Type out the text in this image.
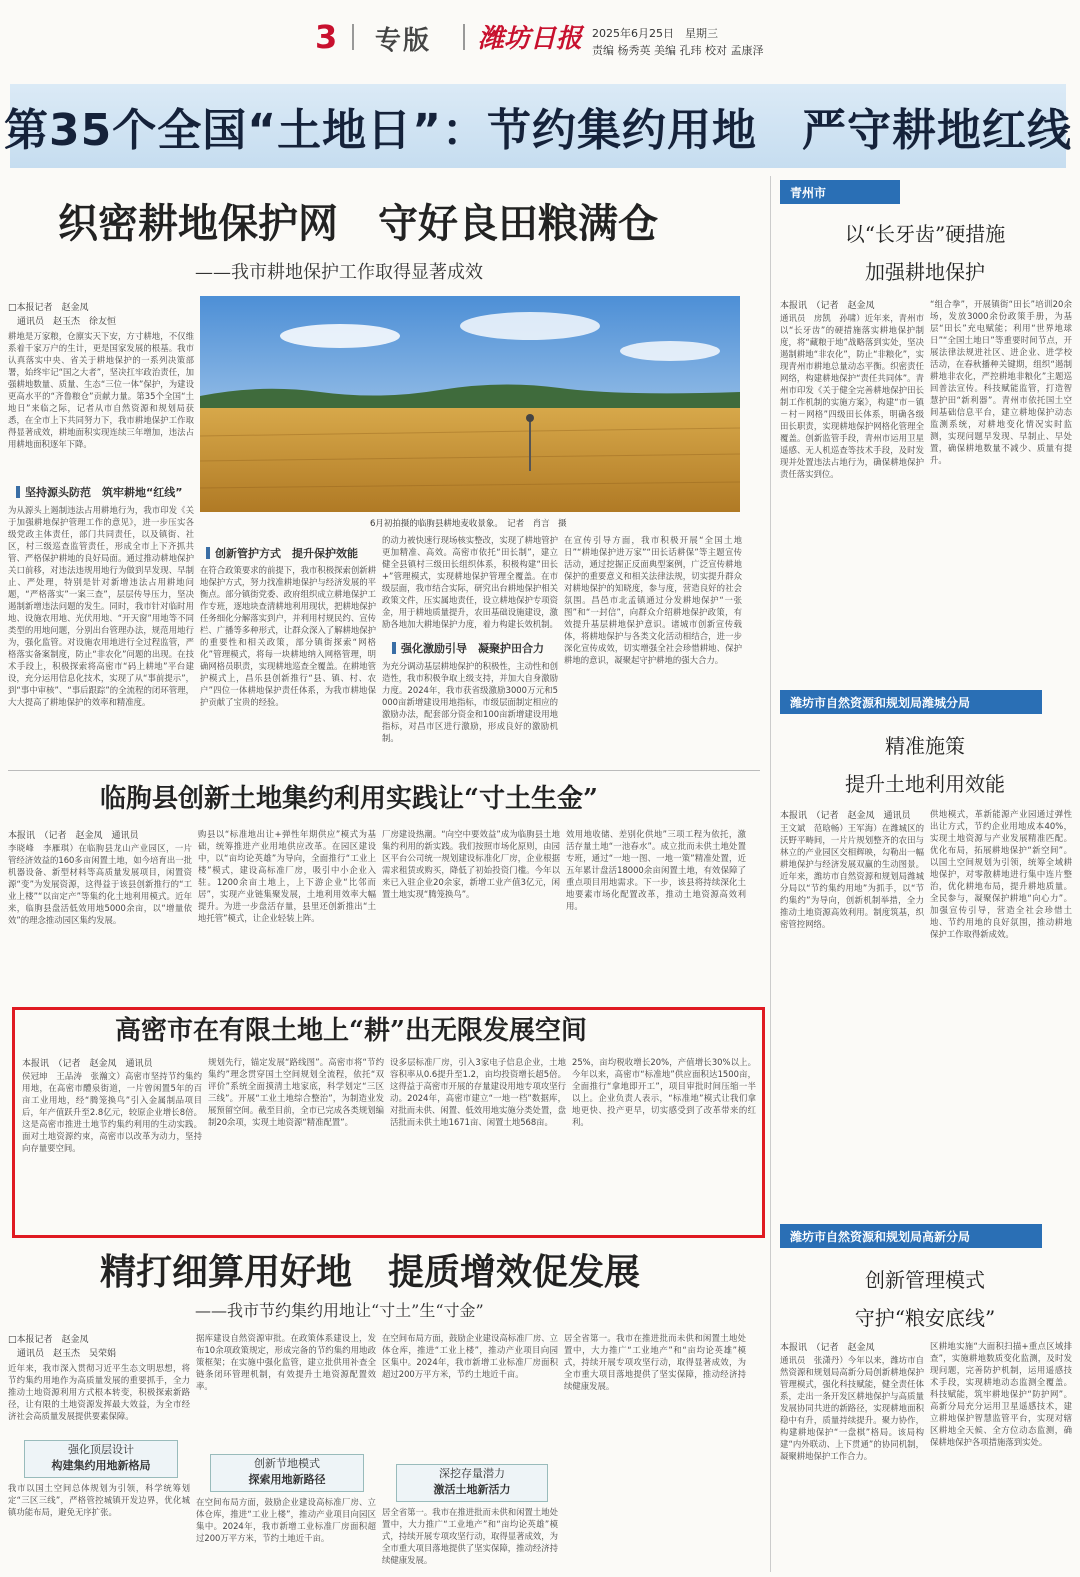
3 专版 潍坊日报 2025年6月25日　星期三
责编 杨秀英 美编 孔玮 校对 孟康泽
第35个全国“土地日”：节约集约用地　严守耕地红线
织密耕地保护网　守好良田粮满仓
——我市耕地保护工作取得显著成效
□本报记者　赵金凤
　通讯员　赵玉杰　徐友恒
耕地是万家粮，仓廪实天下安，方寸耕地，不仅维系着千家万户的生计，更是国家发展的根基。我市认真落实中央、省关于耕地保护的一系列决策部署，始终牢记“国之大者”，坚决扛牢政治责任，加强耕地数量、质量、生态“三位一体”保护，为建设更高水平的“齐鲁粮仓”贡献力量。第35个全国“土地日”来临之际，记者从市自然资源和规划局获悉，在全市上下共同努力下，我市耕地保护工作取得显著成效，耕地面积实现连续三年增加，违法占用耕地面积逐年下降。
坚持源头防范　筑牢耕地“红线”
为从源头上遏制违法占用耕地行为，我市印发《关于加强耕地保护管理工作的意见》，进一步压实各级党政主体责任，部门共同责任，以及镇街、社区，村三级巡查监管责任，形成全市上下齐抓共管、严格保护耕地的良好局面。通过推动耕地保护关口前移，对违法违规用地行为做到早发现、早制止、严处理，特别是针对新增违法占用耕地问题，“严格落实”一案三查”，层层传导压力，坚决遏制新增违法问题的发生。同时，我市针对临时用地、设施农用地、光伏用地、“开天窗”用地等不同类型的用地问题，分别出台管理办法，规范用地行为，强化监管。对设施农用地进行全过程监管，严格落实备案制度，防止“非农化”问题的出现。在技术手段上，积极探索将高密市“码上耕地”平台建设，充分运用信息化技术，实现了从“事前提示”，到“事中审核”、“事后跟踪”的全流程的闭环管理，大大提高了耕地保护的效率和精准度。
6月初拍摄的临朐县耕地麦收景象。　记者　肖言　摄
创新管护方式　提升保护效能
在符合政策要求的前提下，我市积极探索创新耕地保护方式，努力找准耕地保护与经济发展的平衡点。部分镇街党委、政府组织成立耕地保护工作专班，逐地块查清耕地利用现状，把耕地保护任务细化分解落实到户，并利用村规民约、宣传栏、广播等多种形式，让群众深入了解耕地保护的重要性和相关政策，部分镇街探索“网格化”管理模式，将每一块耕地纳入网格管理，明确网格员职责，实现耕地巡查全覆盖。在耕地管护模式上，昌乐县创新推行“县、镇、村、农户”四位一体耕地保护责任体系，为我市耕地保护贡献了宝贵的经验。
的动力被快速行现场核实整改，实现了耕地管护更加精准、高效。高密市依托“田长制”，建立健全县镇村三级田长组织体系，积极构建“田长+”管理模式，实现耕地保护管理全覆盖。在市级层面，我市结合实际，研究出台耕地保护相关政策文件，压实属地责任，设立耕地保护专项资金，用于耕地质量提升，农田基础设施建设，激励各地加大耕地保护力度，着力构建长效机制。
强化激励引导　凝聚护田合力
为充分调动基层耕地保护的积极性，主动性和创造性，我市积极争取上级支持，并加大自身激励力度。2024年，我市获省级激励3000万元和5000亩新增建设用地指标，市级层面制定相应的激励办法，配套部分资金和100亩新增建设用地指标，对昌市区进行激励，形成良好的激励机制。
在宣传引导方面，我市积极开展“全国土地日”“耕地保护进万家”“田长话耕保”等主题宣传活动，通过挖掘正反面典型案例，广泛宣传耕地保护的重要意义和相关法律法规，切实提升群众对耕地保护的知晓度，参与度，营造良好的社会氛围。昌邑市北孟镇通过分发耕地保护“一张图”和“一封信”，向群众介绍耕地保护政策，有效提升基层耕地保护意识。诸城市创新宣传载体，将耕地保护与各类文化活动相结合，进一步深化宣传成效，切实增强全社会珍惜耕地、保护耕地的意识，凝聚起守护耕地的强大合力。
临朐县创新土地集约利用实践让“寸土生金”
本报讯　（记者　赵金凤　通讯员
李晓峰　李雁琪）在临朐县龙山产业园区，一片管经济效益的160多亩闲置土地，如今培育出一批机器设备、新型材料等高质量发展项目，闲置资源“变”为发展资源，这得益于该县创新推行的“工业上楼”“以亩定产”等集约化土地利用模式。近年来，临朐县盘活低效用地5000余亩，以“增量依效”的理念推动园区集约发展。
购县以“标准地出让+弹性年期供应”模式为基础，统筹推进产业用地供应改革。在园区建设中，以“亩均论英雄”为导向，全面推行“工业上楼”模式，建设高标准厂房，吸引中小企业入驻。1200余亩土地上，上下游企业“比邻而居”，实现产业链集聚发展，土地利用效率大幅提升。为进一步盘活存量，县里还创新推出“土地托管”模式，让企业轻装上阵。
厂房建设热潮。“向空中要效益”成为临朐县土地集约利用的新实践。我们按照市场化原则，由园区平台公司统一规划建设标准化厂房，企业根据需求租赁或购买，降低了初始投资门槛。今年以来已入驻企业20余家，新增工业产值3亿元，闲置土地实现“腾笼换鸟”。
效用地收储、差别化供地”三项工程为依托，激活存量土地“一池春水”。成立批而未供土地处置专班，通过“一地一图、一地一策”精准处置，近五年累计盘活18000余亩闲置土地，有效保障了重点项目用地需求。下一步，该县将持续深化土地要素市场化配置改革，推动土地资源高效利用。
高密市在有限土地上“耕”出无限发展空间
本报讯　（记者　赵金凤　通讯员
侯冠坤　王品涛　张瀚文）高密市坚持节约集约用地，在高密市醴泉街道，一片曾闲置5年的百亩工业用地，经“腾笼换鸟”引入金属制品项目后，年产值跃升至2.8亿元，较原企业增长8倍。这是高密市推进土地节约集约利用的生动实践。面对土地资源约束，高密市以改革为动力，坚持向存量要空间。
规划先行，锚定发展“路线图”。高密市将“节约集约”理念贯穿国土空间规划全流程，依托“双评价”系统全面摸清土地家底，科学划定“三区三线”。开展“工业土地综合整治”，为制造业发展预留空间。截至目前，全市已完成各类规划编制20余项，实现土地资源“精准配置”。
设多层标准厂房，引入3家电子信息企业，土地容积率从0.6提升至1.2，亩均投资增长超5倍。这得益于高密市开展的存量建设用地专项攻坚行动。2024年，高密市建立“一地一档”数据库，对批而未供、闲置、低效用地实施分类处置，盘活批而未供土地1671亩、闲置土地568亩。
25%，亩均税收增长20%，产值增长30%以上。今年以来，高密市“标准地”供应面积达1500亩，全面推行“拿地即开工”，项目审批时间压缩一半以上。企业负责人表示，“标准地”模式让我们拿地更快、投产更早，切实感受到了改革带来的红利。
精打细算用好地　提质增效促发展
——我市节约集约用地让“寸土”生“寸金”
□本报记者　赵金凤
　通讯员　赵玉杰　吴荣娟
近年来，我市深入贯彻习近平生态文明思想，将节约集约用地作为高质量发展的重要抓手，全力推动土地资源利用方式根本转变，积极探索新路径，让有限的土地资源发挥最大效益，为全市经济社会高质量发展提供要素保障。
强化顶层设计
构建集约用地新格局
我市以国土空间总体规划为引领，科学统筹划定“三区三线”，严格管控城镇开发边界，优化城镇功能布局，避免无序扩张。
据库建设自然资源审批。在政策体系建设上，发布10余项政策规定，形成完备的节约集约用地政策框架；在实施中强化监管，建立批供用补查全链条闭环管理机制，有效提升土地资源配置效率。
创新节地模式
探索用地新路径
在空间布局方面，鼓励企业建设高标准厂房、立体仓库，推进“工业上楼”，推动产业项目向园区集中。2024年，我市新增工业标准厂房面积超过200万平方米，节约土地近千亩。
在空间布局方面，鼓励企业建设高标准厂房、立体仓库，推进“工业上楼”，推动产业项目向园区集中。2024年，我市新增工业标准厂房面积超过200万平方米，节约土地近千亩。
深挖存量潜力
激活土地新活力
居全省第一。我市在推进批而未供和闲置土地处置中，大力推广“工业地产”和“亩均论英雄”模式，持续开展专项攻坚行动，取得显著成效，为全市重大项目落地提供了坚实保障，推动经济持续健康发展。
居全省第一。我市在推进批而未供和闲置土地处置中，大力推广“工业地产”和“亩均论英雄”模式，持续开展专项攻坚行动，取得显著成效，为全市重大项目落地提供了坚实保障，推动经济持续健康发展。
青州市
以“长牙齿”硬措施
加强耕地保护
本报讯　（记者　赵金凤
通讯员　房凯　孙啸）近年来，青州市以“长牙齿”的硬措施落实耕地保护制度，将“藏粮于地”战略落到实处，坚决遏制耕地“非农化”，防止“非粮化”，实现青州市耕地总量动态平衡。织密责任网络，构建耕地保护“责任共同体”。青州市印发《关于健全完善耕地保护田长制工作机制的实施方案》，构建“市－镇－村－网格”四级田长体系，明确各级田长职责，实现耕地保护网格化管理全覆盖。创新监管手段，青州市运用卫星遥感、无人机巡查等技术手段，及时发现并处置违法占地行为，确保耕地保护责任落实到位。
“组合拳”，开展镇街“田长”培训20余场，发放3000余份政策手册，为基层“田长”充电赋能；利用“世界地球日”“全国土地日”等重要时间节点，开展法律法规进社区、进企业、进学校活动，在春秋播种关键期，组织“遏制耕地非农化，严控耕地非粮化”主题巡回普法宣传。科技赋能监管，打造智慧护田“新利器”。青州市依托国土空间基础信息平台，建立耕地保护动态监测系统，对耕地变化情况实时监测，实现问题早发现、早制止、早处置，确保耕地数量不减少、质量有提升。
潍坊市自然资源和规划局潍城分局
精准施策
提升土地利用效能
本报讯　（记者　赵金凤　通讯员
王文斌　范晗畅）王军海）在潍城区的沃野平畴间，一片片规划整齐的农田与林立的产业园区交相辉映，勾勒出一幅耕地保护与经济发展双赢的生动图景。近年来，潍坊市自然资源和规划局潍城分局以“节约集约用地”为抓手，以“节约集约”为导向，创新机制举措，全力推动土地资源高效利用。制度筑基，织密管控网络。
供地模式，革新能源产业园通过弹性出让方式，节约企业用地成本40%，实现土地资源与产业发展精准匹配。优化布局，拓展耕地保护“新空间”。以国土空间规划为引领，统筹全域耕地保护，对零散耕地进行集中连片整治，优化耕地布局，提升耕地质量。全民参与，凝聚保护耕地“向心力”。加强宣传引导，营造全社会珍惜土地、节约用地的良好氛围，推动耕地保护工作取得新成效。
潍坊市自然资源和规划局高新分局
创新管理模式
守护“粮安底线”
本报讯　（记者　赵金凤
通讯员　张潇丹）今年以来，潍坊市自然资源和规划局高新分局创新耕地保护管理模式，强化科技赋能，健全责任体系，走出一条开发区耕地保护与高质量发展协同共进的新路径，实现耕地面积稳中有升，质量持续提升。聚力协作，构建耕地保护“一盘棋”格局。该局构建“内外联动、上下贯通”的协同机制，凝聚耕地保护工作合力。
区耕地实施“大面积扫描+重点区域排查”，实施耕地数质变化监测，及时发现问题，完善防护机制，运用遥感技术手段，实现耕地动态监测全覆盖。科技赋能，筑牢耕地保护“防护网”。高新分局充分运用卫星遥感技术，建立耕地保护智慧监管平台，实现对辖区耕地全天候、全方位动态监测，确保耕地保护各项措施落到实处。
